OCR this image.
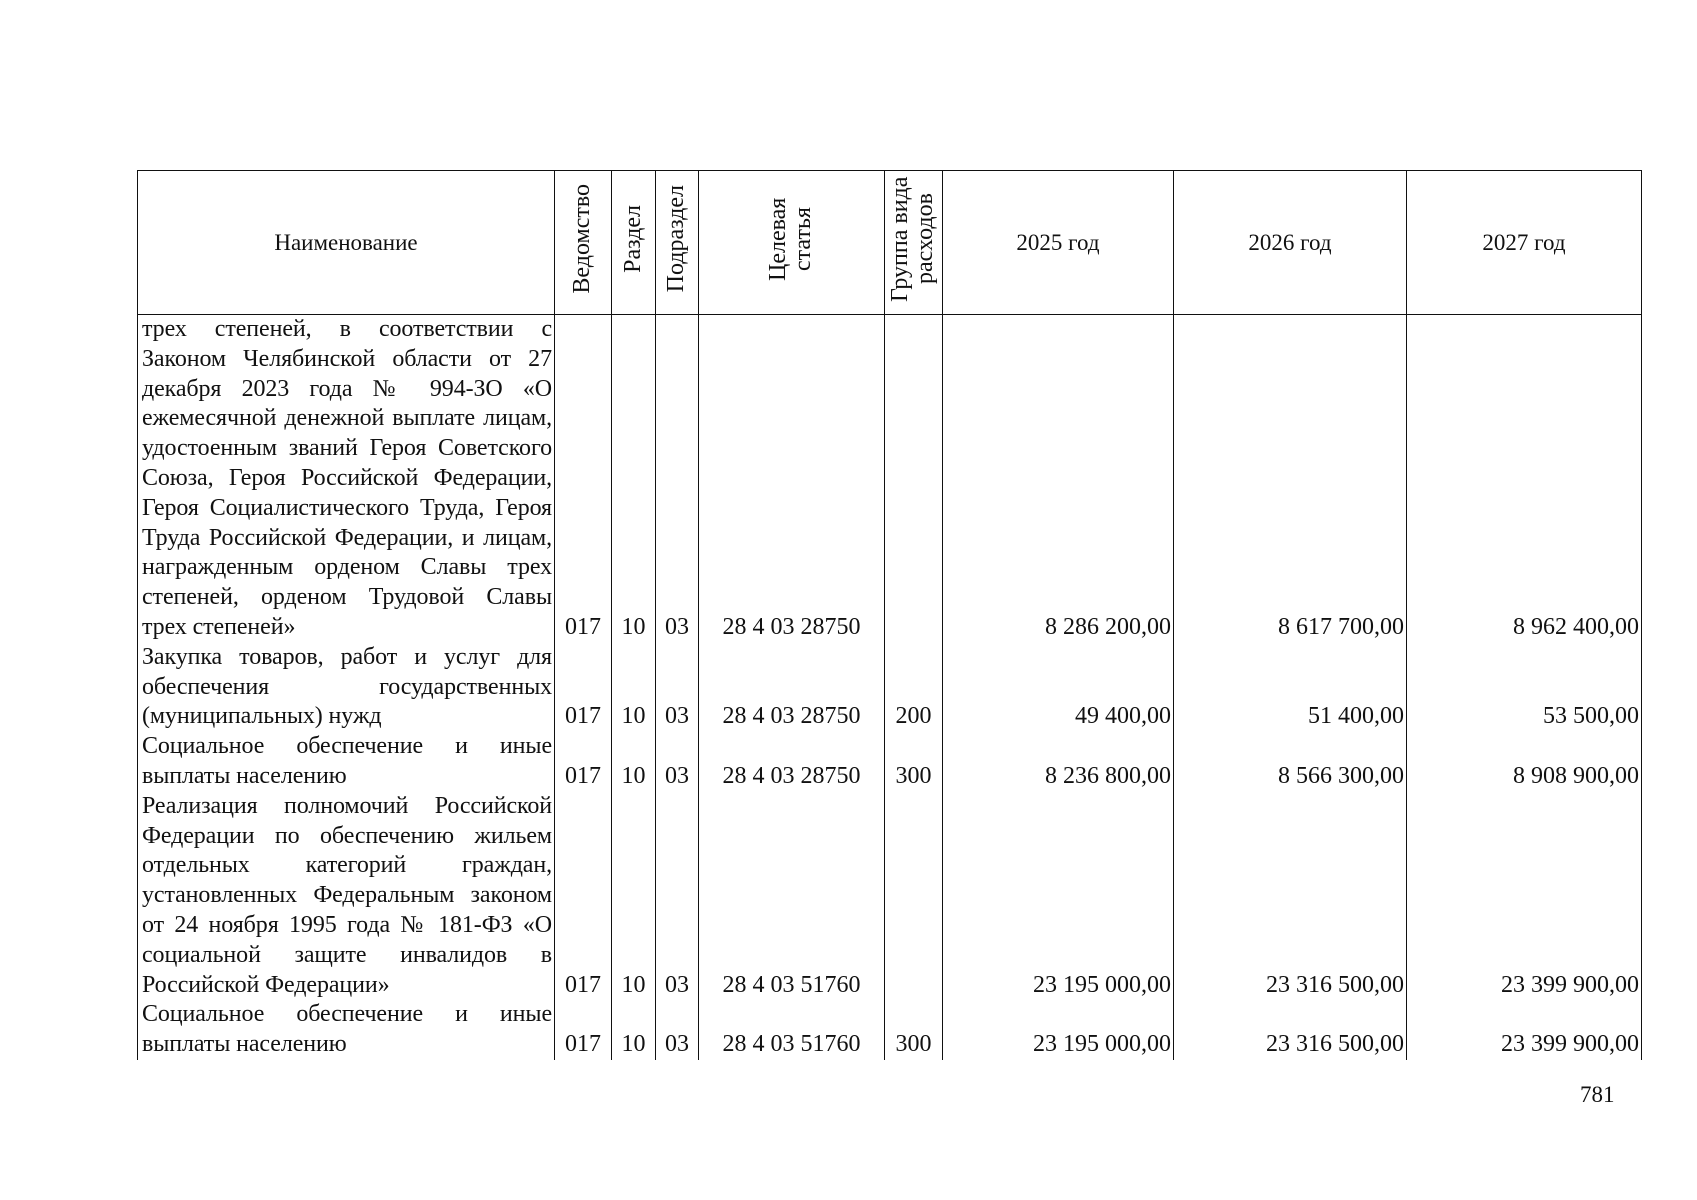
Наименование	Ведомство	Раздел	Подраздел	Целевая статья	Группа вида расходов	2025 год	2026 год	2027 год
трех степеней, в соответствии с Законом Челябинской области от 27 декабря 2023 года № 994-ЗО «О ежемесячной денежной выплате лицам, удостоенным званий Героя Советского Союза, Героя Российской Федерации, Героя Социалистического Труда, Героя Труда Российской Федерации, и лицам, награжденным орденом Славы трех степеней, орденом Трудовой Славы трех степеней»	017	10	03	28 4 03 28750		8 286 200,00	8 617 700,00	8 962 400,00
Закупка товаров, работ и услуг для обеспечения государственных (муниципальных) нужд	017	10	03	28 4 03 28750	200	49 400,00	51 400,00	53 500,00
Социальное обеспечение и иные выплаты населению	017	10	03	28 4 03 28750	300	8 236 800,00	8 566 300,00	8 908 900,00
Реализация полномочий Российской Федерации по обеспечению жильем отдельных категорий граждан, установленных Федеральным законом от 24 ноября 1995 года № 181-ФЗ «О социальной защите инвалидов в Российской Федерации»	017	10	03	28 4 03 51760		23 195 000,00	23 316 500,00	23 399 900,00
Социальное обеспечение и иные выплаты населению	017	10	03	28 4 03 51760	300	23 195 000,00	23 316 500,00	23 399 900,00
781
